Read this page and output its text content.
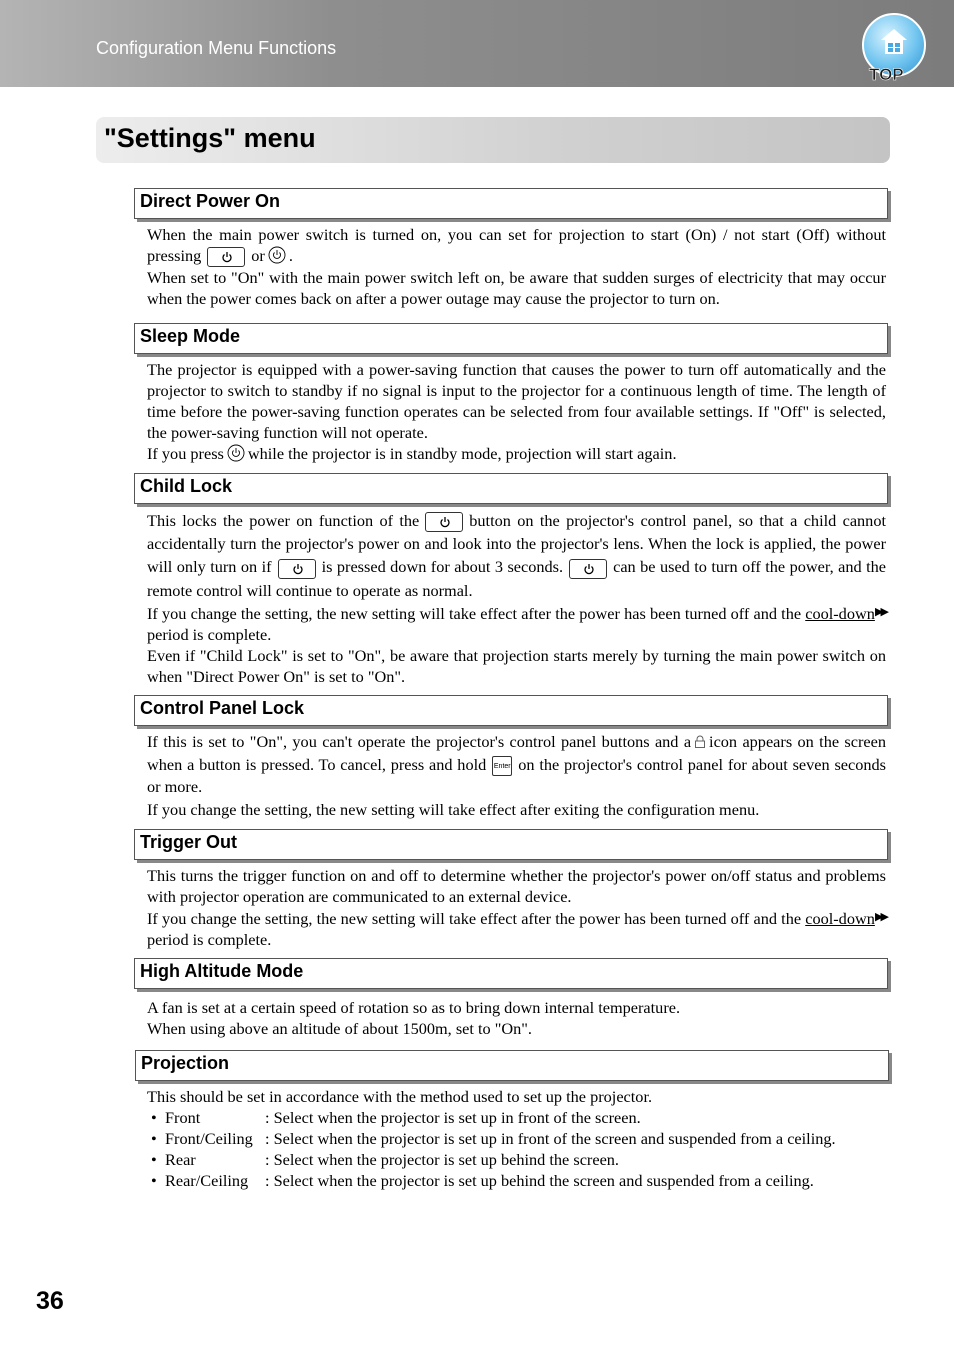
Configuration Menu Functions
TOP
"Settings" menu
Direct Power On

When the main power switch is turned on, you can set for projection to start (On) / not start (Off) without pressing	or .

When set to "On" with the main power switch left on, be aware that sudden surges of electricity that may occur when the power comes back on after a power outage may cause the projector to turn on.

Sleep Mode

The projector is equipped with a power-saving function that causes the power to turn off automatically and the projector to switch to standby if no signal is input to the projector for a continuous length of time. The length of time before the power-saving function operates can be selected from four available settings. If "Off" is selected, the power-saving function will not operate.

If you press while the projector is in standby mode, projection will start again.

Child Lock

This locks the power on function of the	button on the projector's control panel, so that a child cannot accidentally turn the projector's power on and look into the projector's lens. When the lock is applied, the power will only turn on if	is pressed down for about 3 seconds.	can be used to turn off the power, and the remote control will continue to operate as normal.

If you change the setting, the new setting will take effect after the power has been turned off and the cool-down▶▶ period is complete.

Even if "Child Lock" is set to "On", be aware that projection starts merely by turning the main power switch on when "Direct Power On" is set to "On".

Control Panel Lock

If this is set to "On", you can't operate the projector's control panel buttons and a icon appears on the screen when a button is pressed. To cancel, press and hold Enter on the projector's control panel for about seven seconds or more.

If you change the setting, the new setting will take effect after exiting the configuration menu.

Trigger Out

This turns the trigger function on and off to determine whether the projector's power on/off status and problems with projector operation are communicated to an external device.

If you change the setting, the new setting will take effect after the power has been turned off and the cool-down▶▶ period is complete.

High Altitude Mode

A fan is set at a certain speed of rotation so as to bring down internal temperature.

When using above an altitude of about 1500m, set to "On".

Projection

This should be set in accordance with the method used to set up the projector.

• Front	: Select when the projector is set up in front of the screen.
• Front/Ceiling : Select when the projector is set up in front of the screen and suspended from a ceiling.
• Rear	: Select when the projector is set up behind the screen.
• Rear/Ceiling	: Select when the projector is set up behind the screen and suspended from a ceiling.
36
